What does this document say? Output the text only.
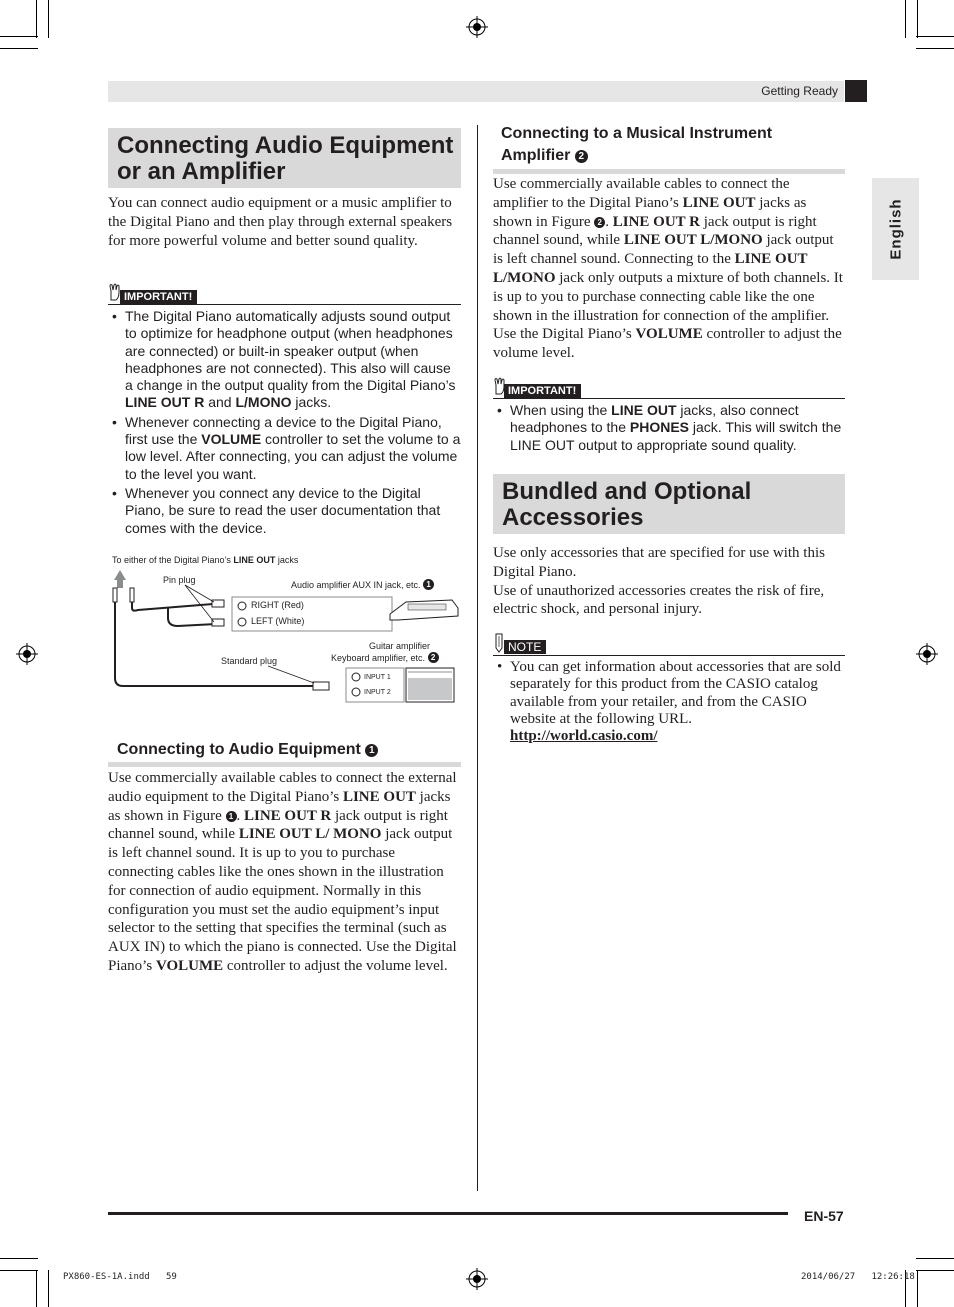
Getting Ready
English
Connecting Audio Equipment
or an Amplifier
You can connect audio equipment or a music amplifier to the Digital Piano and then play through external speakers for more powerful volume and better sound quality.
IMPORTANT!
• The Digital Piano automatically adjusts sound output to optimize for headphone output (when headphones are connected) or built-in speaker output (when headphones are not connected). This also will cause a change in the output quality from the Digital Piano’s LINE OUT R and L/MONO jacks.
• Whenever connecting a device to the Digital Piano, first use the VOLUME controller to set the volume to a low level. After connecting, you can adjust the volume to the level you want.
• Whenever you connect any device to the Digital Piano, be sure to read the user documentation that comes with the device.
To either of the Digital Piano’s LINE OUT jacks
Pin plug	Audio amplifier AUX IN jack, etc. 1
RIGHT (Red)
LEFT (White)
Guitar amplifier
Keyboard amplifier, etc. 2
Standard plug
INPUT 1
INPUT 2
Connecting to Audio Equipment 1
Use commercially available cables to connect the external audio equipment to the Digital Piano’s LINE OUT jacks as shown in Figure 1 . LINE OUT R jack output is right channel sound, while LINE OUT L/ MONO jack output is left channel sound. It is up to you to purchase connecting cables like the ones shown in the illustration for connection of audio equipment. Normally in this configuration you must set the audio equipment’s input selector to the setting that specifies the terminal (such as AUX IN) to which the piano is connected. Use the Digital Piano’s VOLUME controller to adjust the volume level.
Connecting to a Musical Instrument Amplifier 2
Use commercially available cables to connect the amplifier to the Digital Piano’s LINE OUT jacks as shown in Figure 2 . LINE OUT R jack output is right channel sound, while LINE OUT L/MONO jack output is left channel sound. Connecting to the LINE OUT L/MONO jack only outputs a mixture of both channels. It is up to you to purchase connecting cable like the one shown in the illustration for connection of the amplifier. Use the Digital Piano’s VOLUME controller to adjust the volume level.
IMPORTANT!
• When using the LINE OUT jacks, also connect headphones to the PHONES jack. This will switch the LINE OUT output to appropriate sound quality.
Bundled and Optional
Accessories
Use only accessories that are specified for use with this Digital Piano.
Use of unauthorized accessories creates the risk of fire, electric shock, and personal injury.
NOTE
• You can get information about accessories that are sold separately for this product from the CASIO catalog available from your retailer, and from the CASIO website at the following URL.
http://world.casio.com/
EN-57
PX860-ES-1A.indd   59	2014/06/27   12:26:18
